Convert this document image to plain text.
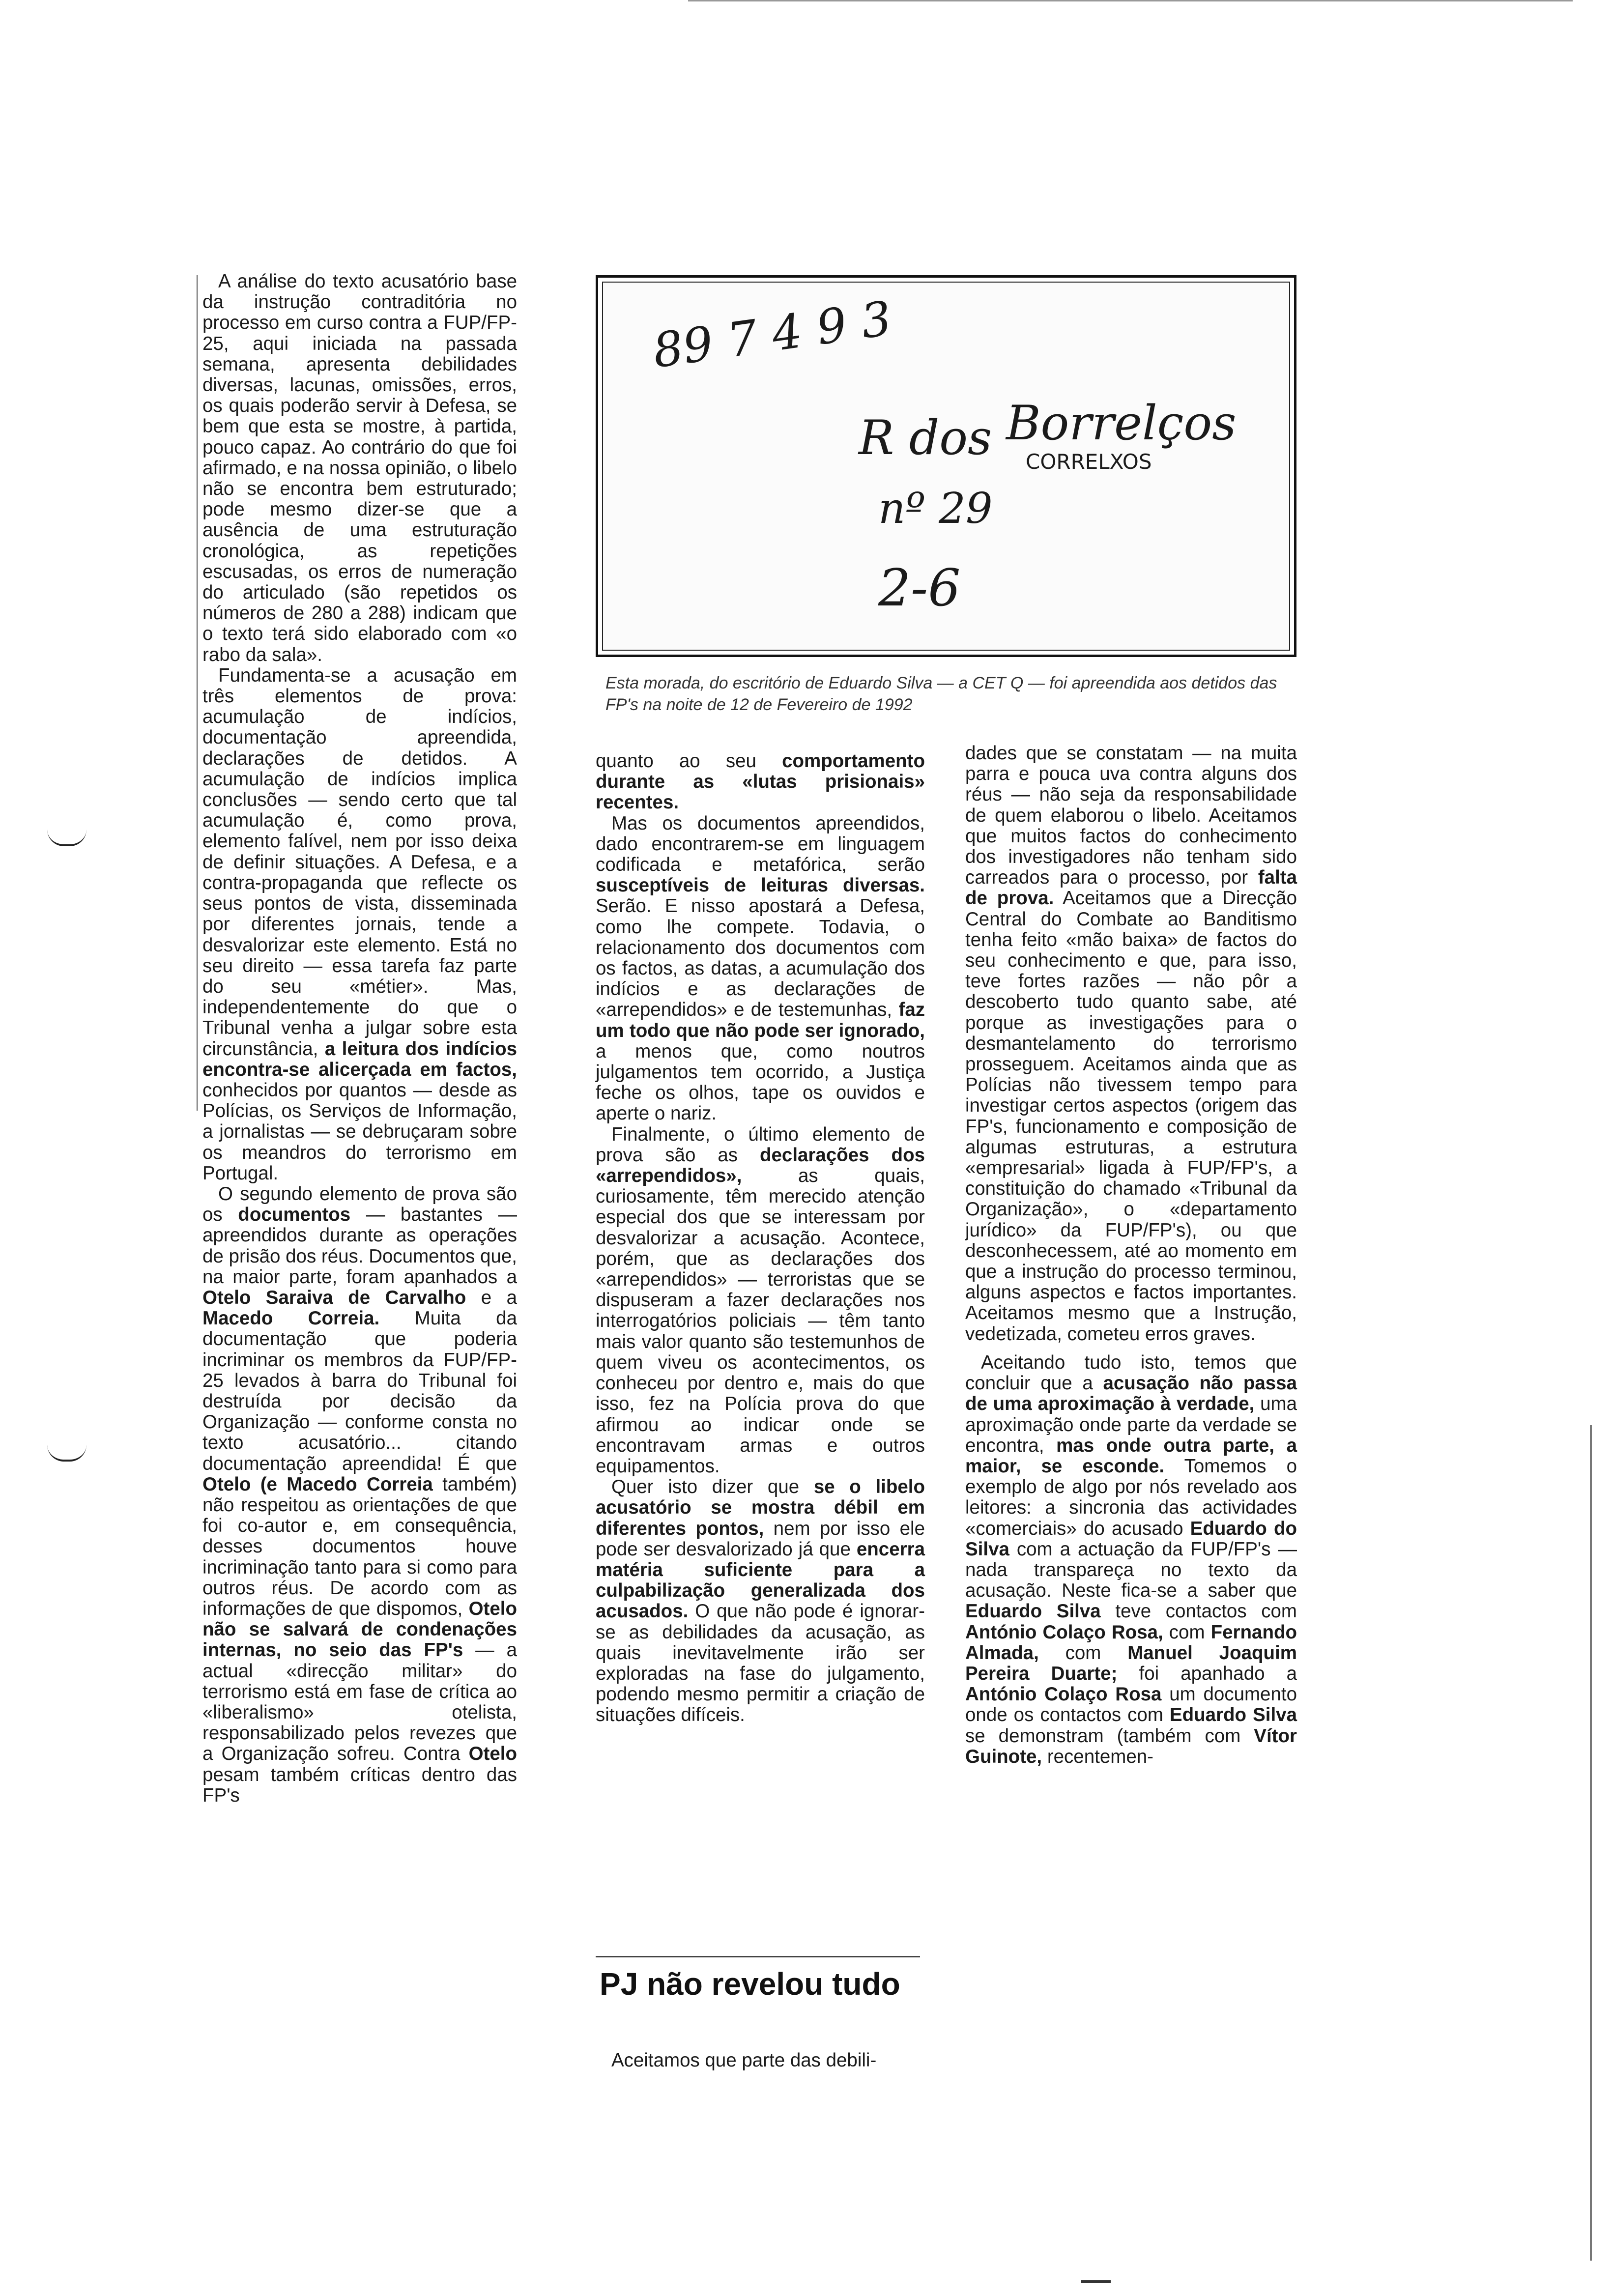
89 7 4 9 3
R dos Borrelços
CORRELXOS
nº 29
2-6
Esta morada, do escritório de Eduardo Silva — a CET Q — foi apreendida aos detidos das FP's na noite de 12 de Fevereiro de 1992

A análise do texto acusatório base da instrução contraditória no processo em curso contra a FUP/FP-25, aqui iniciada na passada semana, apresenta debilidades diversas, lacunas, omissões, erros, os quais poderão servir à Defesa, se bem que esta se mostre, à partida, pouco capaz. Ao contrário do que foi afirmado, e na nossa opinião, o libelo não se encontra bem estruturado; pode mesmo dizer-se que a ausência de uma estruturação cronológica, as repetições escusadas, os erros de numeração do articulado (são repetidos os números de 280 a 288) indicam que o texto terá sido elaborado com «o rabo da sala».

Fundamenta-se a acusação em três elementos de prova: acumulação de indícios, documentação apreendida, declarações de detidos. A acumulação de indícios implica conclusões — sendo certo que tal acumulação é, como prova, elemento falível, nem por isso deixa de definir situações. A Defesa, e a contra-propaganda que reflecte os seus pontos de vista, disseminada por diferentes jornais, tende a desvalorizar este elemento. Está no seu direito — essa tarefa faz parte do seu «métier». Mas, independentemente do que o Tribunal venha a julgar sobre esta circunstância, a leitura dos indícios encontra-se alicerçada em factos, conhecidos por quantos — desde as Polícias, os Serviços de Informação, a jornalistas — se debruçaram sobre os meandros do terrorismo em Portugal.

O segundo elemento de prova são os documentos — bastantes — apreendidos durante as operações de prisão dos réus. Documentos que, na maior parte, foram apanhados a Otelo Saraiva de Carvalho e a Macedo Correia. Muita da documentação que poderia incriminar os membros da FUP/FP-25 levados à barra do Tribunal foi destruída por decisão da Organização — conforme consta no texto acusatório... citando documentação apreendida! É que Otelo (e Macedo Correia também) não respeitou as orientações de que foi co-autor e, em consequência, desses documentos houve incriminação tanto para si como para outros réus. De acordo com as informações de que dispomos, Otelo não se salvará de condenações internas, no seio das FP's — a actual «direcção militar» do terrorismo está em fase de crítica ao «liberalismo» otelista, responsabilizado pelos revezes que a Organização sofreu. Contra Otelo pesam também críticas dentro das FP's

quanto ao seu comportamento durante as «lutas prisionais» recentes.

Mas os documentos apreendidos, dado encontrarem-se em linguagem codificada e metafórica, serão susceptíveis de leituras diversas. Serão. E nisso apostará a Defesa, como lhe compete. Todavia, o relacionamento dos documentos com os factos, as datas, a acumulação dos indícios e as declarações de «arrependidos» e de testemunhas, faz um todo que não pode ser ignorado, a menos que, como noutros julgamentos tem ocorrido, a Justiça feche os olhos, tape os ouvidos e aperte o nariz.

Finalmente, o último elemento de prova são as declarações dos «arrependidos»,	as quais, curiosamente, têm merecido atenção especial dos que se interessam por desvalorizar a acusação. Acontece, porém, que as declarações dos «arrependidos» — terroristas que se dispuseram a fazer declarações nos interrogatórios policiais — têm tanto mais valor quanto são testemunhos de quem viveu os acontecimentos, os conheceu por dentro e, mais do que isso, fez na Polícia prova do que afirmou ao indicar onde se encontravam armas e outros equipamentos.

Quer isto dizer que se o libelo acusatório se mostra débil em diferentes pontos, nem por isso ele pode ser desvalorizado já que encerra matéria suficiente para a culpabilização generalizada dos acusados. O que não pode é ignorar-se as debilidades da acusação, as quais inevitavelmente irão ser exploradas na fase do julgamento, podendo mesmo permitir a criação de situações difíceis.

PJ não revelou tudo
Aceitamos que parte das debili-

dades que se constatam — na muita parra e pouca uva contra alguns dos réus — não seja da responsabilidade de quem elaborou o libelo. Aceitamos que muitos factos do conhecimento dos investigadores não tenham sido carreados para o processo, por falta de prova. Aceitamos que a Direcção Central do Combate ao Banditismo tenha feito «mão baixa» de factos do seu conhecimento e que, para isso, teve fortes razões — não pôr a descoberto tudo quanto sabe, até porque as investigações para o desmantelamento do terrorismo prosseguem. Aceitamos ainda que as Polícias não tivessem tempo para investigar certos aspectos (origem das FP's, funcionamento e composição de algumas estruturas, a estrutura «empresarial» ligada à FUP/FP's, a constituição do chamado «Tribunal da Organização», o «departamento jurídico» da FUP/FP's), ou que desconhecessem, até ao momento em que a instrução do processo terminou, alguns aspectos e factos importantes. Aceitamos mesmo que a Instrução, vedetizada, cometeu erros graves.

Aceitando tudo isto, temos que concluir que a acusação não passa de uma aproximação à verdade, uma aproximação onde parte da verdade se encontra, mas onde outra parte, a maior, se esconde. Tomemos o exemplo de algo por nós revelado aos leitores: a sincronia das actividades «comerciais» do acusado Eduardo do Silva com a actuação da FUP/FP's — nada transpareça no texto da acusação. Neste fica-se a saber que Eduardo Silva teve contactos com António Colaço Rosa, com Fernando Almada, com Manuel Joaquim Pereira Duarte; foi apanhado a António Colaço Rosa um documento onde os contactos com Eduardo Silva se demonstram (também com Vítor Guinote, recentemen-
